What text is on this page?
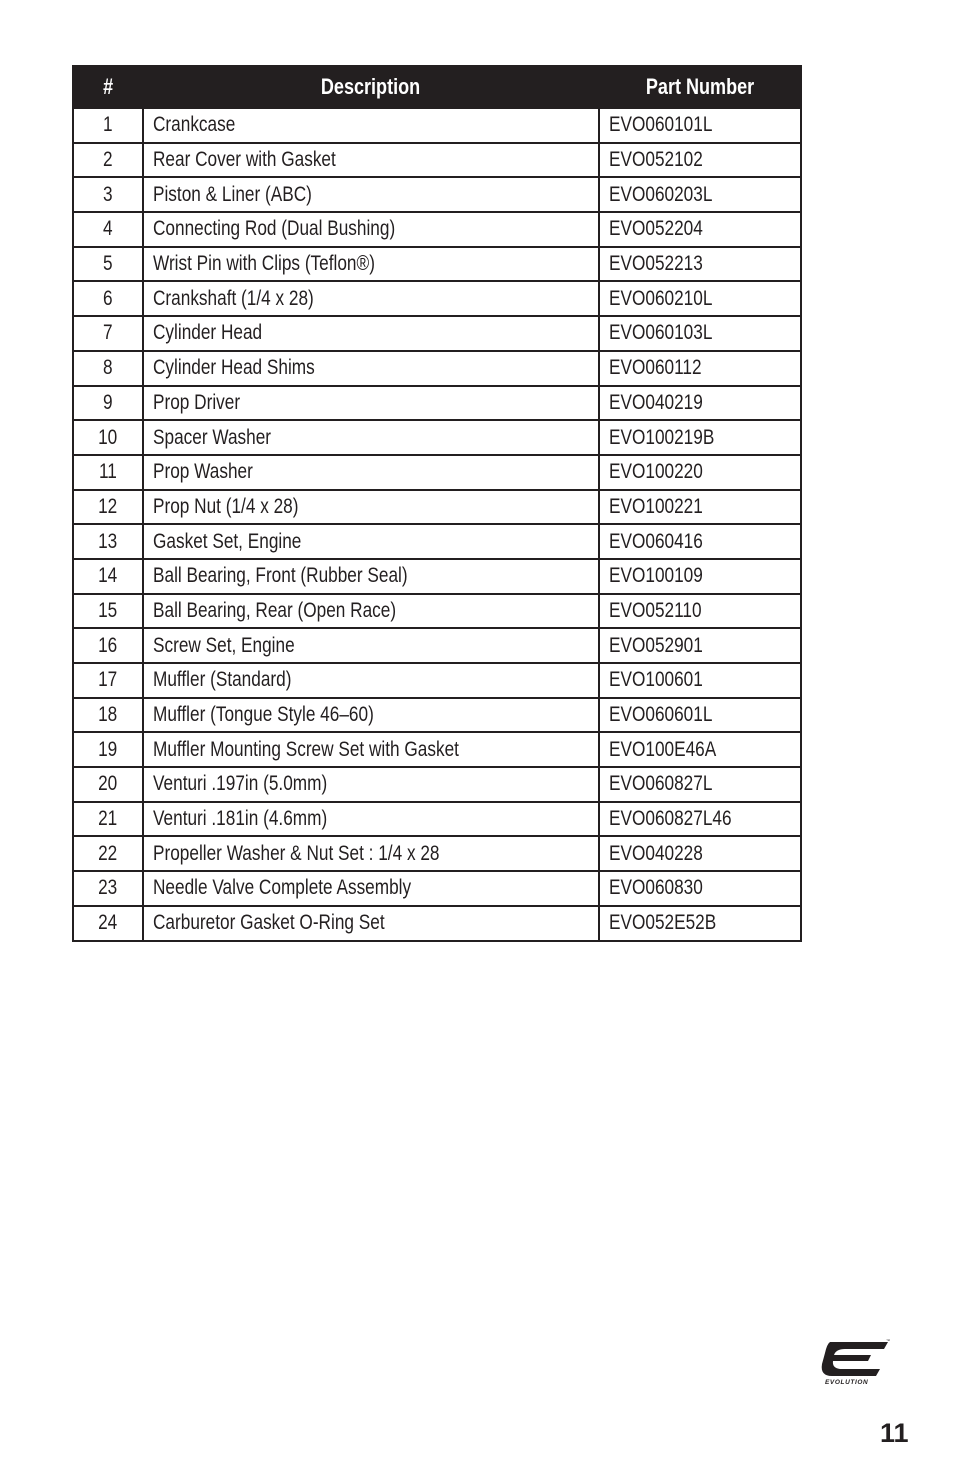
#	Description	Part Number
1	Crankcase	EVO060101L
2	Rear Cover with Gasket	EVO052102
3	Piston & Liner (ABC)	EVO060203L
4	Connecting Rod (Dual Bushing)	EVO052204
5	Wrist Pin with Clips (Teflon®)	EVO052213
6	Crankshaft (1/4 x 28)	EVO060210L
7	Cylinder Head	EVO060103L
8	Cylinder Head Shims	EVO060112
9	Prop Driver	EVO040219
10	Spacer Washer	EVO100219B
11	Prop Washer	EVO100220
12	Prop Nut (1/4 x 28)	EVO100221
13	Gasket Set, Engine	EVO060416
14	Ball Bearing, Front (Rubber Seal)	EVO100109
15	Ball Bearing, Rear (Open Race)	EVO052110
16	Screw Set, Engine	EVO052901
17	Muffler (Standard)	EVO100601
18	Muffler (Tongue Style 46–60)	EVO060601L
19	Muffler Mounting Screw Set with Gasket	EVO100E46A
20	Venturi .197in (5.0mm)	EVO060827L
21	Venturi .181in (4.6mm)	EVO060827L46
22	Propeller Washer & Nut Set : 1/4 x 28	EVO040228
23	Needle Valve Complete Assembly	EVO060830
24	Carburetor Gasket O-Ring Set	EVO052E52B
EVOLUTION
™
11
